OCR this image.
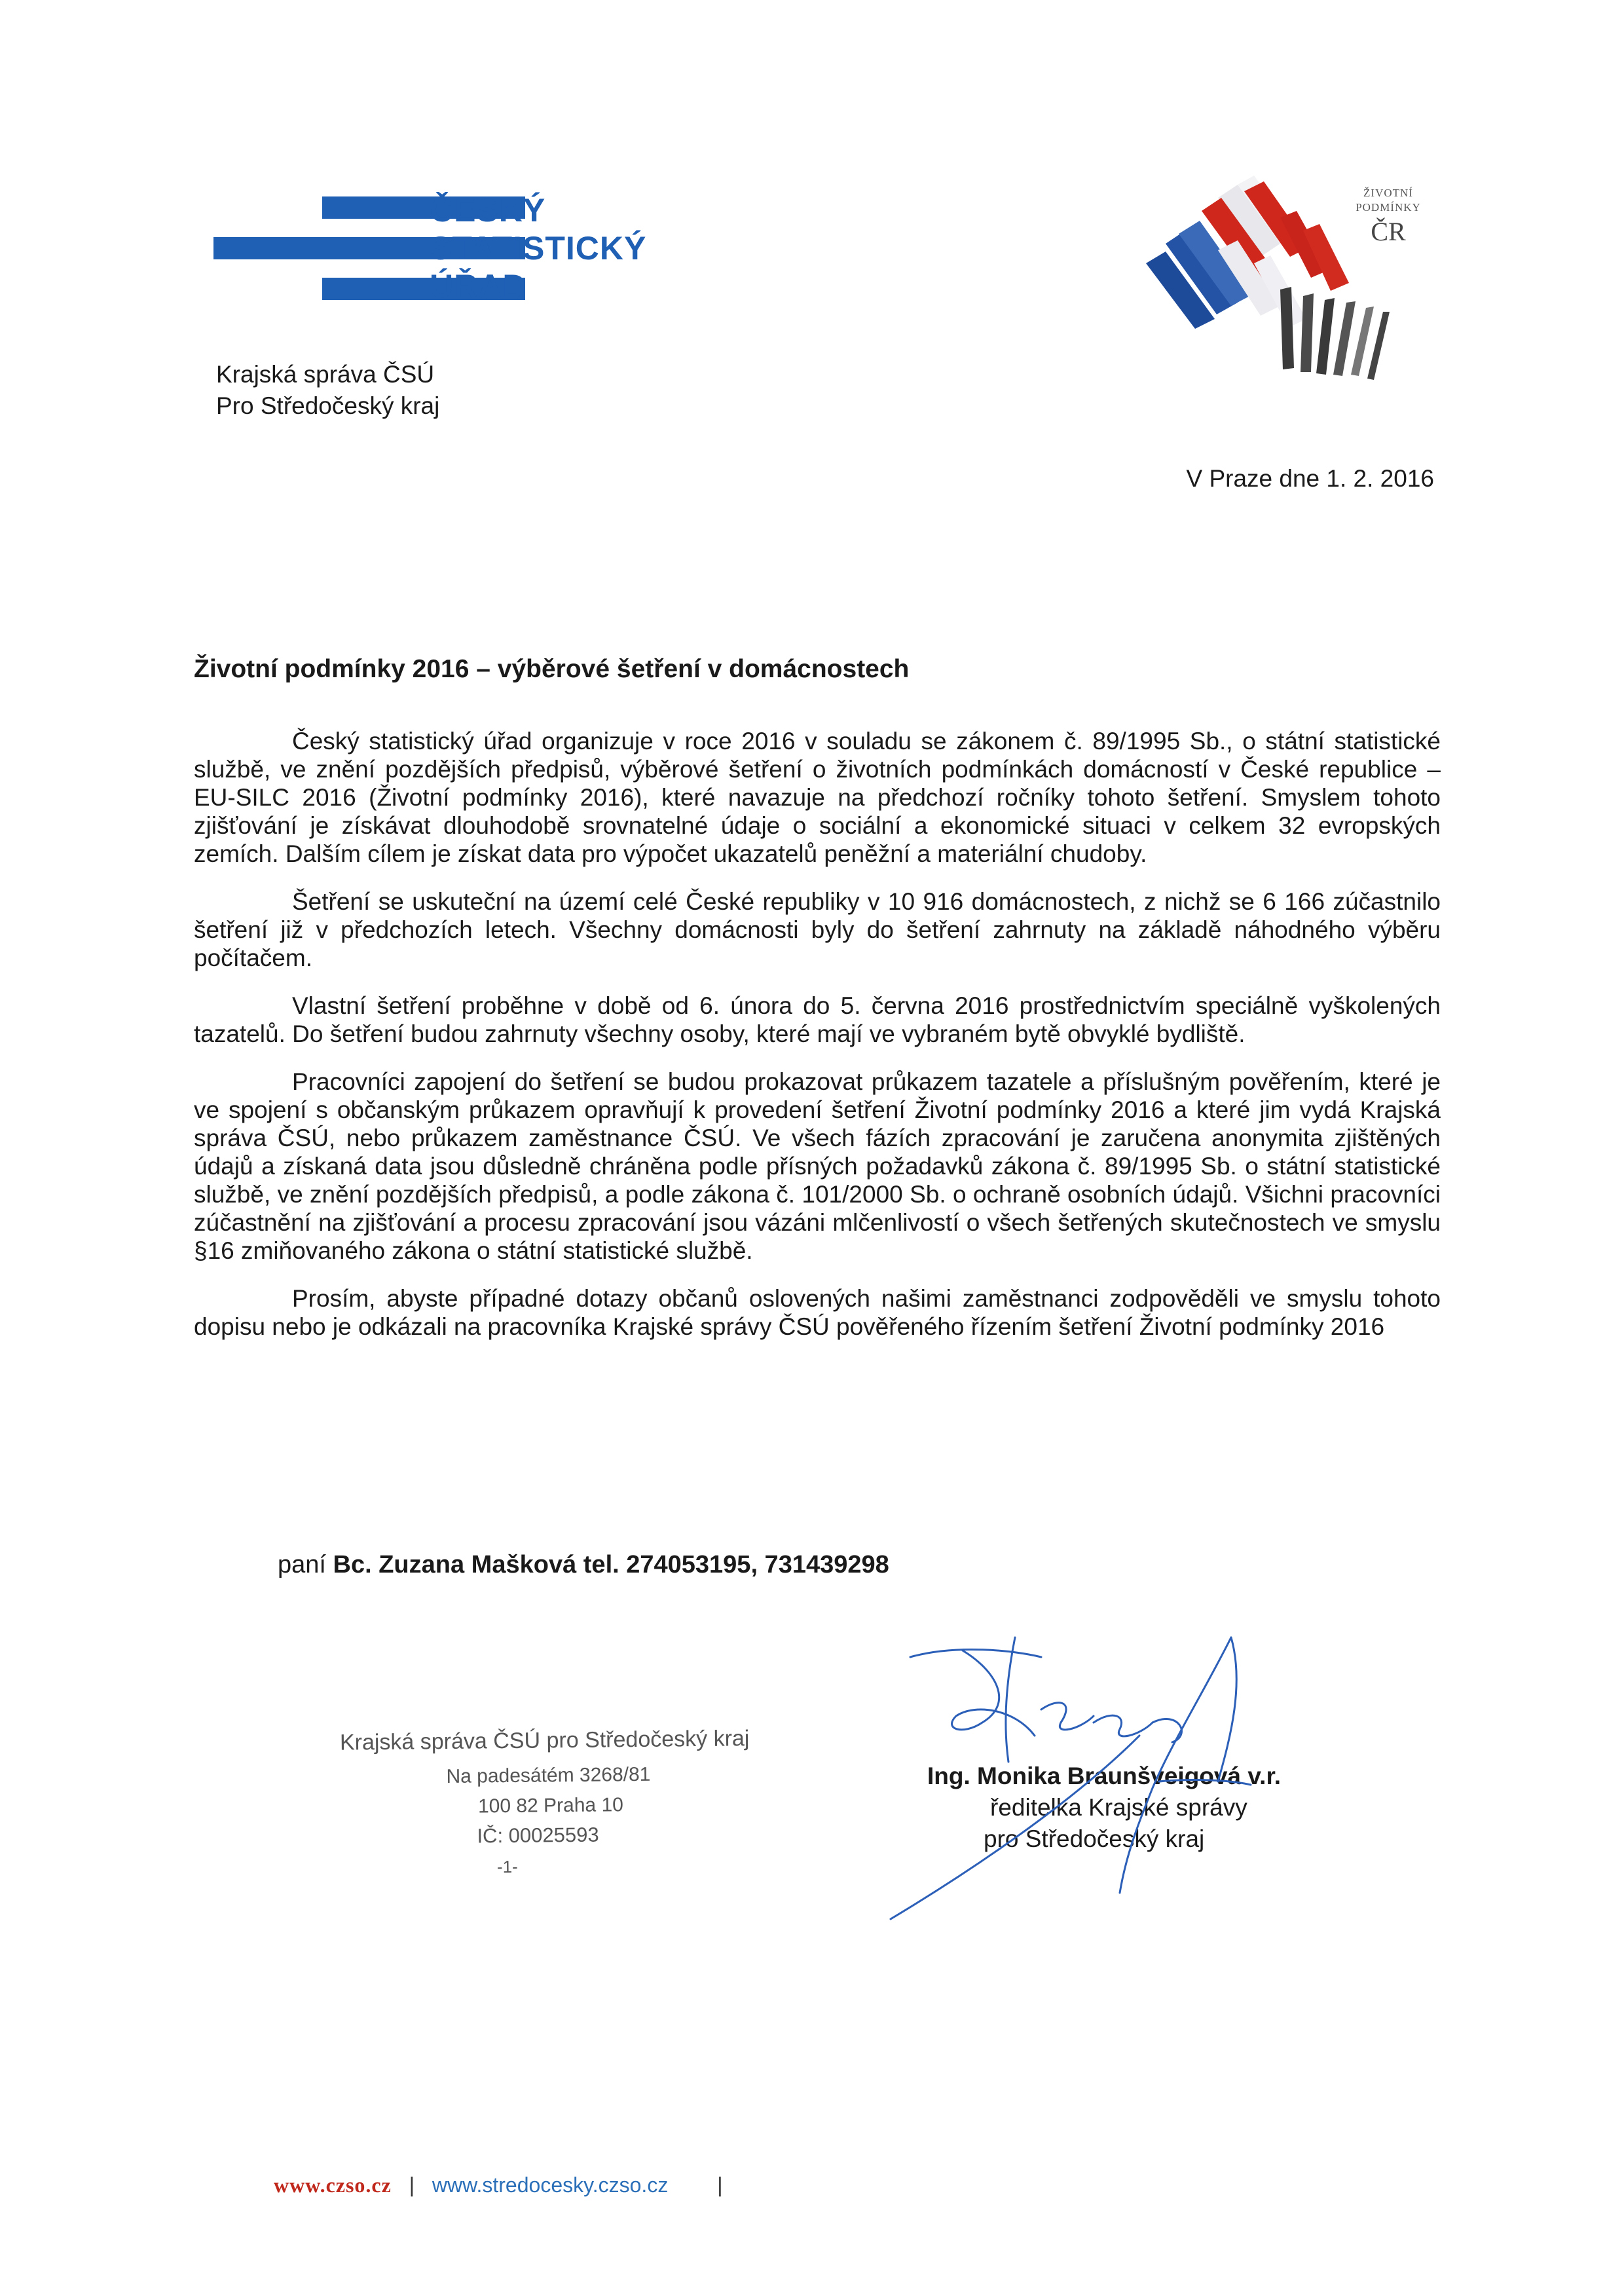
ČESKÝ
STATISTICKÝ
ÚŘAD
ŽIVOTNÍ
PODMÍNKY
ČR
Krajská správa ČSÚ
Pro Středočeský kraj
V Praze dne 1. 2. 2016
Životní podmínky 2016 – výběrové šetření v domácnostech

Český statistický úřad organizuje v roce 2016 v souladu se zákonem č. 89/1995 Sb., o státní statistické službě, ve znění pozdějších předpisů, výběrové šetření o životních podmínkách domácností v České republice – EU-SILC 2016 (Životní podmínky 2016), které navazuje na předchozí ročníky tohoto šetření. Smyslem tohoto zjišťování je získávat dlouhodobě srovnatelné údaje o sociální a ekonomické situaci v celkem 32 evropských zemích. Dalším cílem je získat data pro výpočet ukazatelů peněžní a materiální chudoby.

Šetření se uskuteční na území celé České republiky v 10 916 domácnostech, z nichž se 6 166 zúčastnilo šetření již v předchozích letech. Všechny domácnosti byly do šetření zahrnuty na základě náhodného výběru počítačem.

Vlastní šetření proběhne v době od 6. února do 5. června 2016 prostřednictvím speciálně vyškolených tazatelů. Do šetření budou zahrnuty všechny osoby, které mají ve vybraném bytě obvyklé bydliště.

Pracovníci zapojení do šetření se budou prokazovat průkazem tazatele a příslušným pověřením, které je ve spojení s občanským průkazem opravňují k provedení šetření Životní podmínky 2016 a které jim vydá Krajská správa ČSÚ, nebo průkazem zaměstnance ČSÚ. Ve všech fázích zpracování je zaručena anonymita zjištěných údajů a získaná data jsou důsledně chráněna podle přísných požadavků zákona č. 89/1995 Sb. o státní statistické službě, ve znění pozdějších předpisů, a podle zákona č. 101/2000 Sb. o ochraně osobních údajů. Všichni pracovníci zúčastnění na zjišťování a procesu zpracování jsou vázáni mlčenlivostí o všech šetřených skutečnostech ve smyslu §16 zmiňovaného zákona o státní statistické službě.

Prosím, abyste případné dotazy občanů oslovených našimi zaměstnanci zodpověděli ve smyslu tohoto dopisu nebo je odkázali na pracovníka Krajské správy ČSÚ pověřeného řízením šetření Životní podmínky 2016

paní Bc. Zuzana Mašková tel. 274053195, 731439298
Krajská správa ČSÚ pro Středočeský kraj
Na padesátém 3268/81
100 82 Praha 10
IČ: 00025593
-1-
Ing. Monika Braunšveigová v.r.
ředitelka Krajské správy
pro Středočeský kraj
www.czso.cz | www.stredocesky.czso.cz |
